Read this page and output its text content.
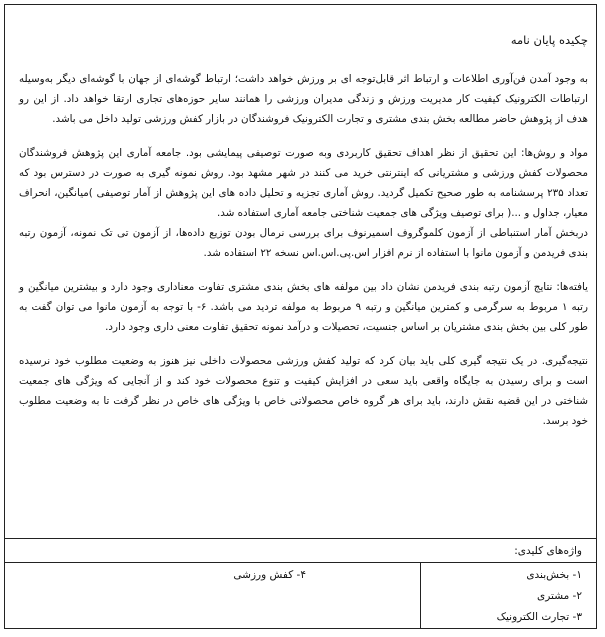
چکیده پایان نامه

به وجود آمدن فن‌آوری اطلاعات و ارتباط اثر قابل‌توجه ای بر ورزش خواهد داشت؛ ارتباط گوشه‌ای از جهان با گوشه‌ای دیگر به‌وسیله ارتباطات الکترونیک کیفیت کار مدیریت ورزش و زندگی مدیران ورزشی را همانند سایر حوزه‌های تجاری ارتقا خواهد داد. از این رو هدف از پژوهش حاضر مطالعه بخش بندی مشتری و تجارت الکترونیک فروشندگان در بازار کفش ورزشی تولید داخل می باشد.

مواد و روش‌ها: این تحقیق از نظر اهداف تحقیق کاربردی وبه صورت توصیفی پیمایشی بود. جامعه آماری این پژوهش فروشندگان محصولات کفش ورزشی و مشتریانی که اینترنتی خرید می کنند در شهر مشهد بود. روش نمونه گیری به صورت در دسترس بود که تعداد ۲۳۵ پرسشنامه به طور صحیح تکمیل گردید. روش آماری تجزیه و تحلیل داده های این پژوهش از آمار توصیفی )میانگین، انحراف معیار، جداول و ...( برای توصیف ویژگی های جمعیت شناختی جامعه آماری استفاده شد.

دربخش آمار استنباطی از آزمون کلموگروف اسمیرنوف برای بررسی نرمال بودن توزیع داده‌ها، از آزمون تی تک نمونه، آزمون رتبه بندی فریدمن و آزمون مانوا با استفاده از نرم افزار اس.پی.اس.اس نسخه ۲۲ استفاده شد.

یافته‌ها: نتایج آزمون رتبه بندی فریدمن نشان داد بین مولفه های بخش بندی مشتری تفاوت معناداری وجود دارد و بیشترین میانگین و رتبه ۱ مربوط به سرگرمی و کمترین میانگین و رتبه ۹ مربوط به مولفه تردید می باشد. ۶- با توجه به آزمون مانوا می توان گفت به طور کلی بین بخش بندی مشتریان بر اساس جنسیت، تحصیلات و درآمد نمونه تحقیق تفاوت معنی داری وجود دارد.

نتیجه‌گیری. در یک نتیجه گیری کلی باید بیان کرد که تولید کفش ورزشی محصولات داخلی نیز هنوز به وضعیت مطلوب خود نرسیده است و برای رسیدن به جایگاه واقعی باید سعی در افزایش کیفیت و تنوع محصولات خود کند و از آنجایی که ویژگی های جمعیت شناختی در این قضیه نقش دارند، باید برای هر گروه خاص محصولاتی خاص با ویژگی های خاص در نظر گرفت تا به وضعیت مطلوب خود برسد.

واژه‌های کلیدی:
۱- بخش‌بندی
۲- مشتری
۳- تجارت الکترونیک
۴- کفش ورزشی
